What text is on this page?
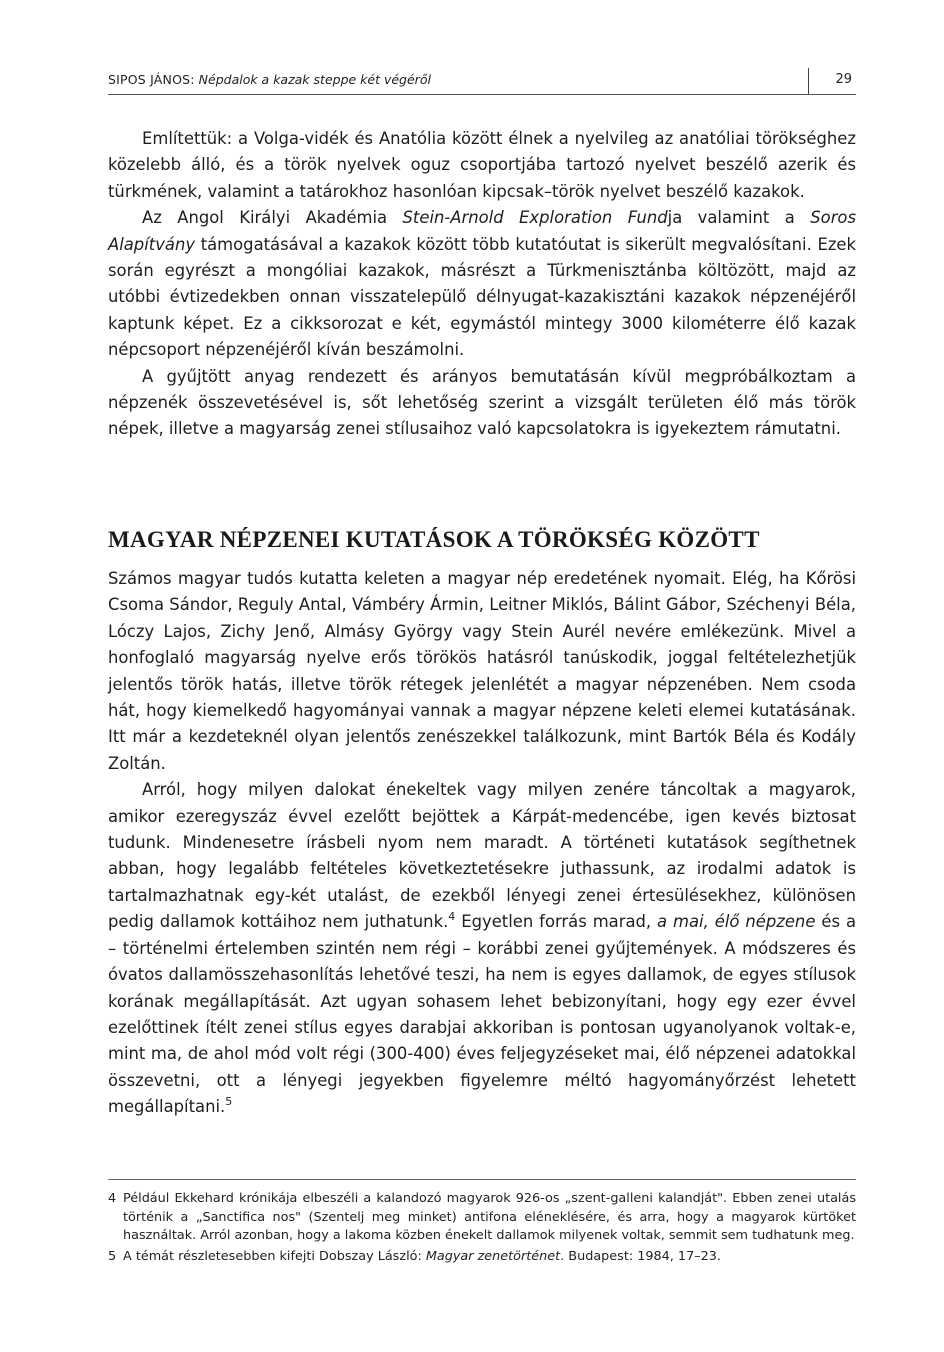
SIPOS JÁNOS: Népdalok a kazak steppe két végéről	29

Említettük: a Volga-vidék és Anatólia között élnek a nyelvileg az anatóliai törökséghez közelebb álló, és a török nyelvek oguz csoportjába tartozó nyelvet beszélő azerik és türkmének, valamint a tatárokhoz hasonlóan kipcsak–török nyelvet beszélő kazakok.

Az Angol Királyi Akadémia Stein-Arnold Exploration Fundja valamint a Soros Alapítvány támogatásával a kazakok között több kutatóutat is sikerült megvalósítani. Ezek során egyrészt a mongóliai kazakok, másrészt a Türkmenisztánba költözött, majd az utóbbi évtizedekben onnan visszatelepülő délnyugat-kazakisztáni kazakok népzenéjéről kaptunk képet. Ez a cikksorozat e két, egymástól mintegy 3000 kilométerre élő kazak népcsoport népzenéjéről kíván beszámolni.

A gyűjtött anyag rendezett és arányos bemutatásán kívül megpróbálkoztam a népzenék összevetésével is, sőt lehetőség szerint a vizsgált területen élő más török népek, illetve a magyarság zenei stílusaihoz való kapcsolatokra is igyekeztem rámutatni.

MAGYAR NÉPZENEI KUTATÁSOK A TÖRÖKSÉG KÖZÖTT

Számos magyar tudós kutatta keleten a magyar nép eredetének nyomait. Elég, ha Kőrösi Csoma Sándor, Reguly Antal, Vámbéry Ármin, Leitner Miklós, Bálint Gábor, Széchenyi Béla, Lóczy Lajos, Zichy Jenő, Almásy György vagy Stein Aurél nevére emlékezünk. Mivel a honfoglaló magyarság nyelve erős törökös hatásról tanúskodik, joggal feltételezhetjük jelentős török hatás, illetve török rétegek jelenlétét a magyar népzenében. Nem csoda hát, hogy kiemelkedő hagyományai vannak a magyar népzene keleti elemei kutatásának. Itt már a kezdeteknél olyan jelentős zenészekkel találkozunk, mint Bartók Béla és Kodály Zoltán.

Arról, hogy milyen dalokat énekeltek vagy milyen zenére táncoltak a magyarok, amikor ezeregyszáz évvel ezelőtt bejöttek a Kárpát-medencébe, igen kevés biztosat tudunk. Mindenesetre írásbeli nyom nem maradt. A történeti kutatások segíthetnek abban, hogy legalább feltételes következtetésekre juthassunk, az irodalmi adatok is tartalmazhatnak egy-két utalást, de ezekből lényegi zenei értesülésekhez, különösen pedig dallamok kottáihoz nem juthatunk.$^4$ Egyetlen forrás marad, a mai, élő népzene és a – történelmi értelemben szintén nem régi – korábbi zenei gyűjtemények. A módszeres és óvatos dallamösszehasonlítás lehetővé teszi, ha nem is egyes dallamok, de egyes stílusok korának megállapítását. Azt ugyan sohasem lehet bebizonyítani, hogy egy ezer évvel ezelőttinek ítélt zenei stílus egyes darabjai akkoriban is pontosan ugyanolyanok voltak-e, mint ma, de ahol mód volt régi (300-400) éves feljegyzéseket mai, élő népzenei adatokkal összevetni, ott a lényegi jegyekben figyelemre méltó hagyományőrzést lehetett megállapítani.$^5$

4 Például Ekkehard krónikája elbeszéli a kalandozó magyarok 926-os „szent-galleni kalandját". Ebben zenei utalás történik a „Sanctifica nos" (Szentelj meg minket) antifona eléneklésére, és arra, hogy a magyarok kürtöket használtak. Arról azonban, hogy a lakoma közben énekelt dallamok milyenek voltak, semmit sem tudhatunk meg.
5 A témát részletesebben kifejti Dobszay László: Magyar zenetörténet. Budapest: 1984, 17–23.
